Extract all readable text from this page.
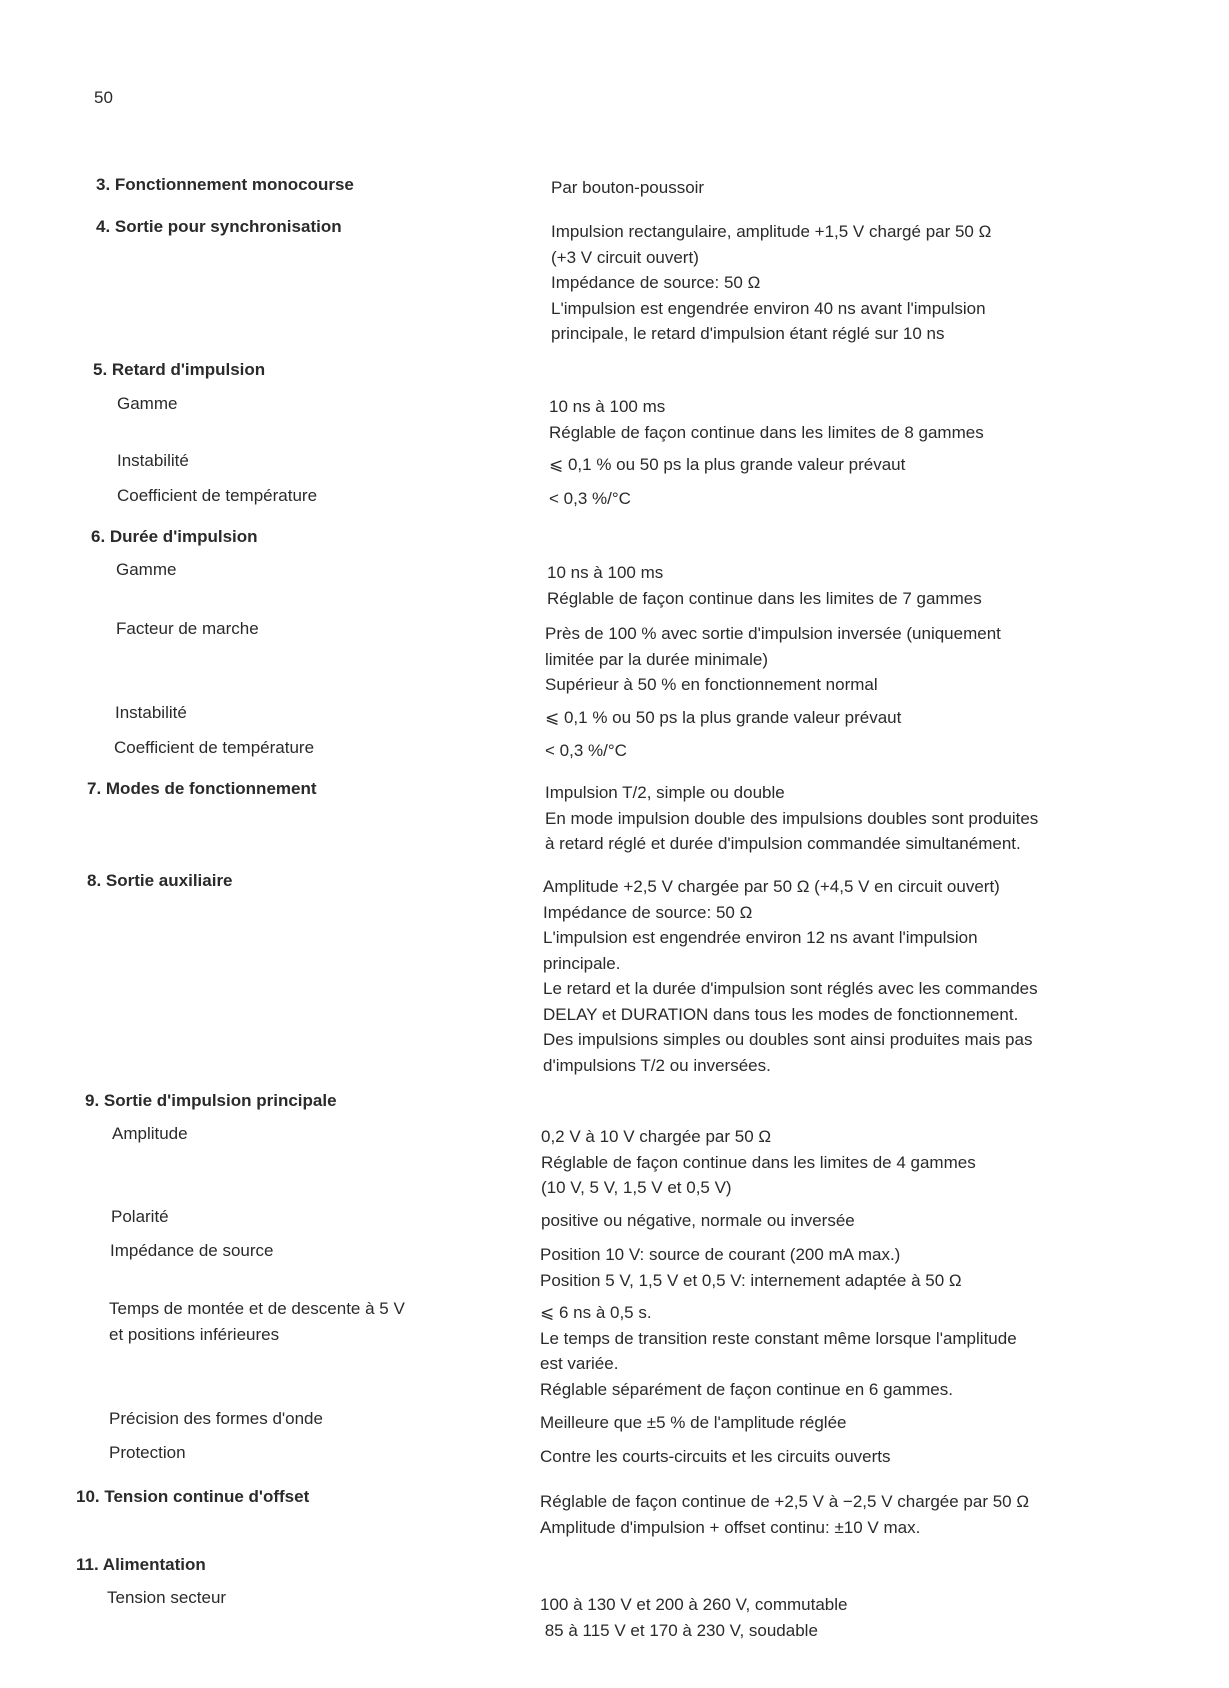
50
3. Fonctionnement monocourse	Par bouton-poussoir
4. Sortie pour synchronisation	Impulsion rectangulaire, amplitude +1,5 V chargé par 50 Ω
(+3 V circuit ouvert)
Impédance de source: 50 Ω
L'impulsion est engendrée environ 40 ns avant l'impulsion
principale, le retard d'impulsion étant réglé sur 10 ns
5. Retard d'impulsion
Gamme	10 ns à 100 ms
Réglable de façon continue dans les limites de 8 gammes
Instabilité	⩽ 0,1 % ou 50 ps la plus grande valeur prévaut
Coefficient de température	< 0,3 %/°C
6. Durée d'impulsion
Gamme	10 ns à 100 ms
Réglable de façon continue dans les limites de 7 gammes
Facteur de marche	Près de 100 % avec sortie d'impulsion inversée (uniquement
limitée par la durée minimale)
Supérieur à 50 % en fonctionnement normal
Instabilité	⩽ 0,1 % ou 50 ps la plus grande valeur prévaut
Coefficient de température	< 0,3 %/°C
7. Modes de fonctionnement	Impulsion T/2, simple ou double
En mode impulsion double des impulsions doubles sont produites
à retard réglé et durée d'impulsion commandée simultanément.
8. Sortie auxiliaire	Amplitude +2,5 V chargée par 50 Ω (+4,5 V en circuit ouvert)
Impédance de source: 50 Ω
L'impulsion est engendrée environ 12 ns avant l'impulsion
principale.
Le retard et la durée d'impulsion sont réglés avec les commandes
DELAY et DURATION dans tous les modes de fonctionnement.
Des impulsions simples ou doubles sont ainsi produites mais pas
d'impulsions T/2 ou inversées.
9. Sortie d'impulsion principale
Amplitude	0,2 V à 10 V chargée par 50 Ω
Réglable de façon continue dans les limites de 4 gammes
(10 V, 5 V, 1,5 V et 0,5 V)
Polarité	positive ou négative, normale ou inversée
Impédance de source	Position 10 V: source de courant (200 mA max.)
Position 5 V, 1,5 V et 0,5 V: internement adaptée à 50 Ω
Temps de montée et de descente à 5 V
et positions inférieures
⩽ 6 ns à 0,5 s.
Le temps de transition reste constant même lorsque l'amplitude
est variée.
Réglable séparément de façon continue en 6 gammes.
Précision des formes d'onde	Meilleure que ±5 % de l'amplitude réglée
Protection	Contre les courts-circuits et les circuits ouverts
10. Tension continue d'offset	Réglable de façon continue de +2,5 V à −2,5 V chargée par 50 Ω
Amplitude d'impulsion + offset continu: ±10 V max.
11. Alimentation
Tension secteur	100 à 130 V et 200 à 260 V, commutable
85 à 115 V et 170 à 230 V, soudable
